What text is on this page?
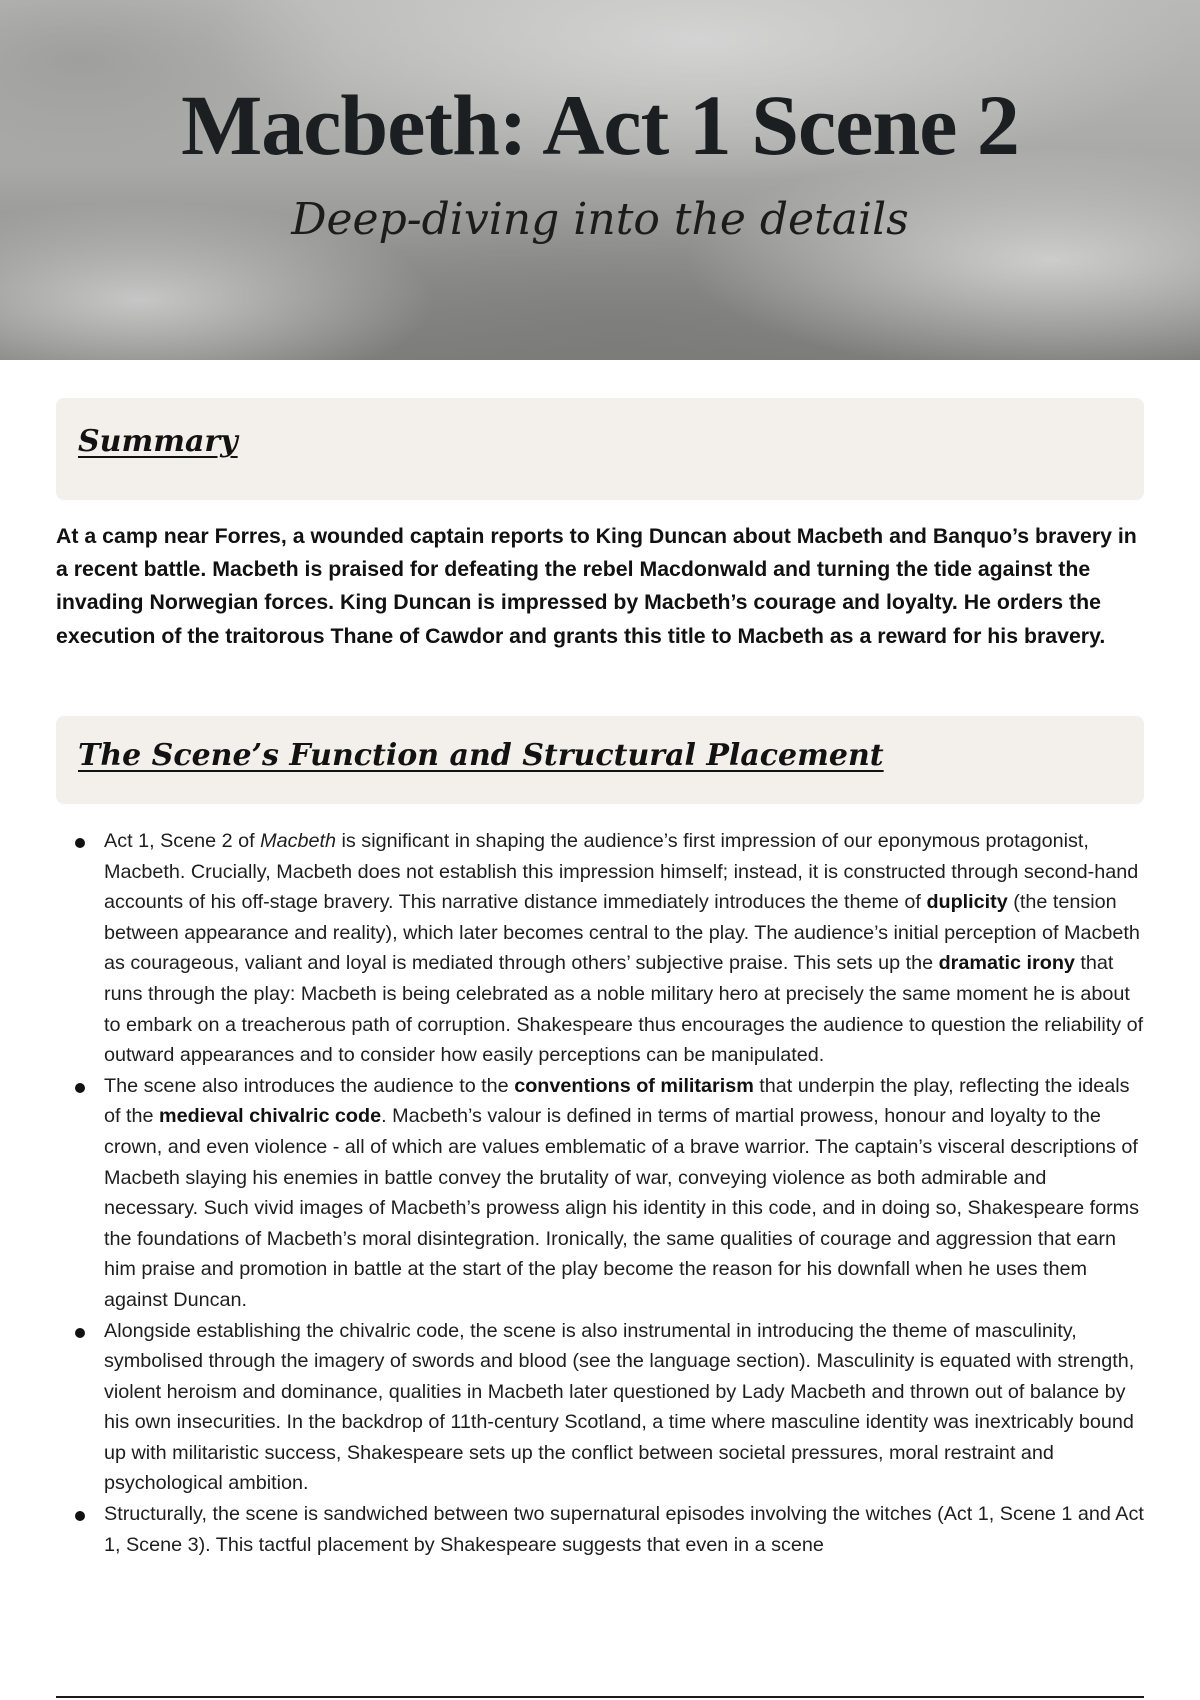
Macbeth: Act 1 Scene 2
Deep-diving into the details
Summary

At a camp near Forres, a wounded captain reports to King Duncan about Macbeth and Banquo’s bravery in a recent battle. Macbeth is praised for defeating the rebel Macdonwald and turning the tide against the invading Norwegian forces. King Duncan is impressed by Macbeth’s courage and loyalty. He orders the execution of the traitorous Thane of Cawdor and grants this title to Macbeth as a reward for his bravery.

The Scene’s Function and Structural Placement
Act 1, Scene 2 of Macbeth is significant in shaping the audience’s first impression of our eponymous protagonist, Macbeth. Crucially, Macbeth does not establish this impression himself; instead, it is constructed through second-hand accounts of his off-stage bravery. This narrative distance immediately introduces the theme of duplicity (the tension between appearance and reality), which later becomes central to the play. The audience’s initial perception of Macbeth as courageous, valiant and loyal is mediated through others’ subjective praise. This sets up the dramatic irony that runs through the play: Macbeth is being celebrated as a noble military hero at precisely the same moment he is about to embark on a treacherous path of corruption. Shakespeare thus encourages the audience to question the reliability of outward appearances and to consider how easily perceptions can be manipulated.
The scene also introduces the audience to the conventions of militarism that underpin the play, reflecting the ideals of the medieval chivalric code. Macbeth’s valour is defined in terms of martial prowess, honour and loyalty to the crown, and even violence - all of which are values emblematic of a brave warrior. The captain’s visceral descriptions of Macbeth slaying his enemies in battle convey the brutality of war, conveying violence as both admirable and necessary. Such vivid images of Macbeth’s prowess align his identity in this code, and in doing so, Shakespeare forms the foundations of Macbeth’s moral disintegration. Ironically, the same qualities of courage and aggression that earn him praise and promotion in battle at the start of the play become the reason for his downfall when he uses them against Duncan.
Alongside establishing the chivalric code, the scene is also instrumental in introducing the theme of masculinity, symbolised through the imagery of swords and blood (see the language section). Masculinity is equated with strength, violent heroism and dominance, qualities in Macbeth later questioned by Lady Macbeth and thrown out of balance by his own insecurities. In the backdrop of 11th-century Scotland, a time where masculine identity was inextricably bound up with militaristic success, Shakespeare sets up the conflict between societal pressures, moral restraint and psychological ambition.
Structurally, the scene is sandwiched between two supernatural episodes involving the witches (Act 1, Scene 1 and Act 1, Scene 3). This tactful placement by Shakespeare suggests that even in a scene
